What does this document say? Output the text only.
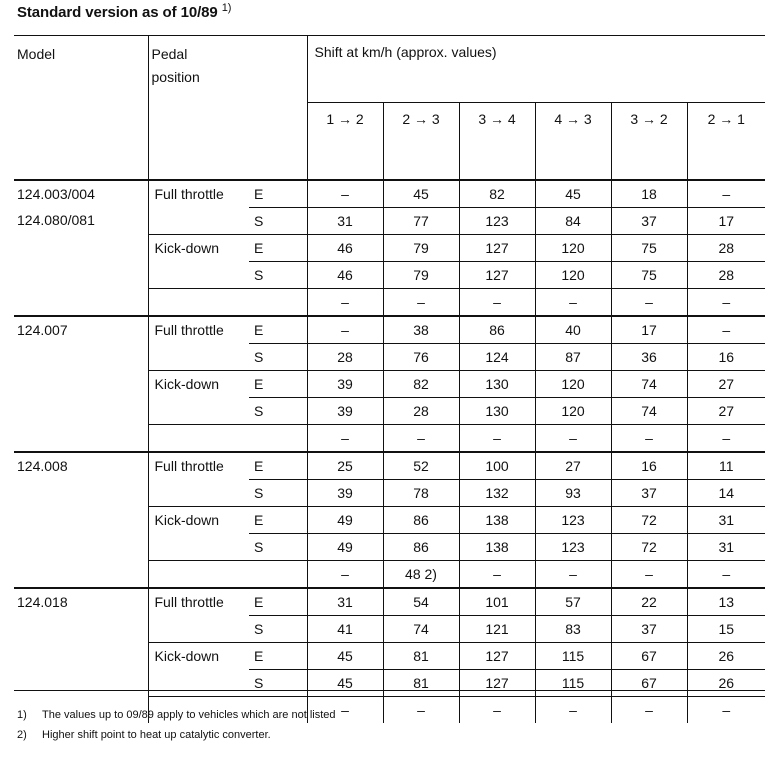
Standard version as of 10/89 $^{1)}$
Model	Pedal
position		Shift at km/h (approx. values)					

			1 → 2	2 → 3	3 → 4	4 → 3	3 → 2	2 → 1

124.003/004
124.080/081	Full throttle	E	–	45	82	45	18	–
		S	31	77	123	84	37	17
	Kick-down	E	46	79	127	120	75	28
		S	46	79	127	120	75	28
			–	–	–	–	–	–

124.007	Full throttle	E	–	38	86	40	17	–
		S	28	76	124	87	36	16
	Kick-down	E	39	82	130	120	74	27
		S	39	28	130	120	74	27
			–	–	–	–	–	–

124.008	Full throttle	E	25	52	100	27	16	11
		S	39	78	132	93	37	14
	Kick-down	E	49	86	138	123	72	31
		S	49	86	138	123	72	31
			–	48 2)	–	–	–	–

124.018	Full throttle	E	31	54	101	57	22	13
		S	41	74	121	83	37	15
	Kick-down	E	45	81	127	115	67	26
		S	45	81	127	115	67	26
			–	–	–	–	–	–
1) The values up to 09/89 apply to vehicles which are not listed
2) Higher shift point to heat up catalytic converter.
